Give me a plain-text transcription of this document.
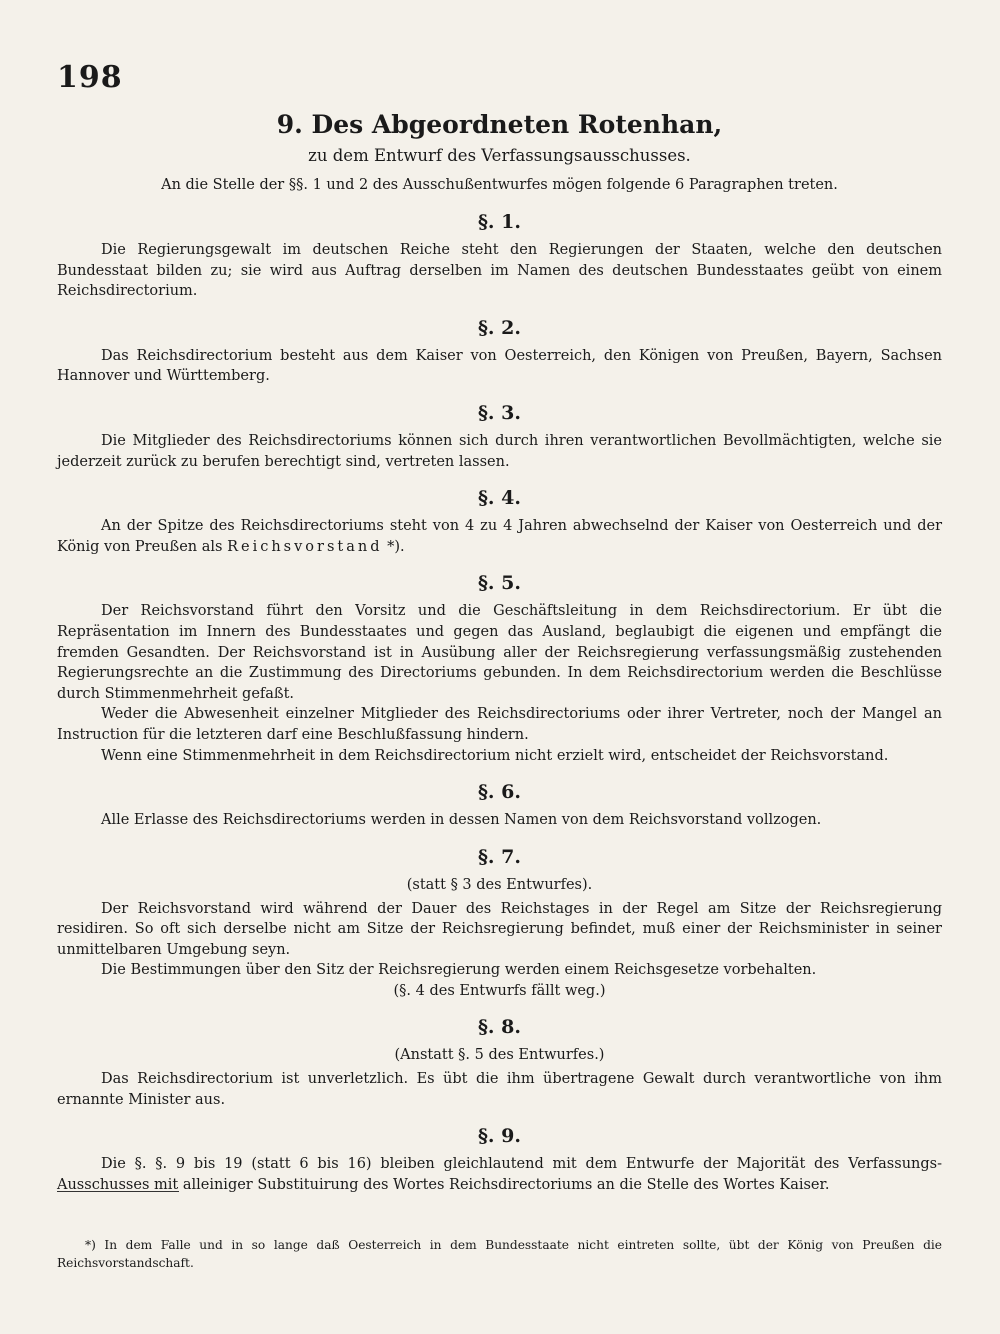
198
9. Des Abgeordneten Rotenhan,

zu dem Entwurf des Verfassungsausschusses.

An die Stelle der §§. 1 und 2 des Ausschußentwurfes mögen folgende 6 Paragraphen treten.

§. 1.

Die Regierungsgewalt im deutschen Reiche steht den Regierungen der Staaten, welche den deutschen Bundesstaat bilden zu; sie wird aus Auftrag derselben im Namen des deutschen Bundesstaates geübt von einem Reichsdirectorium.

§. 2.

Das Reichsdirectorium besteht aus dem Kaiser von Oesterreich, den Königen von Preußen, Bayern, Sachsen Hannover und Württemberg.

§. 3.

Die Mitglieder des Reichsdirectoriums können sich durch ihren verantwortlichen Bevollmächtigten, welche sie jederzeit zurück zu berufen berechtigt sind, vertreten lassen.

§. 4.

An der Spitze des Reichsdirectoriums steht von 4 zu 4 Jahren abwechselnd der Kaiser von Oesterreich und der König von Preußen als Reichsvorstand *).

§. 5.

Der Reichsvorstand führt den Vorsitz und die Geschäftsleitung in dem Reichsdirectorium. Er übt die Repräsentation im Innern des Bundesstaates und gegen das Ausland, beglaubigt die eigenen und empfängt die fremden Gesandten. Der Reichsvorstand ist in Ausübung aller der Reichsregierung verfassungsmäßig zustehenden Regierungsrechte an die Zustimmung des Directoriums gebunden. In dem Reichsdirectorium werden die Beschlüsse durch Stimmenmehrheit gefaßt.

Weder die Abwesenheit einzelner Mitglieder des Reichsdirectoriums oder ihrer Vertreter, noch der Mangel an Instruction für die letzteren darf eine Beschlußfassung hindern.

Wenn eine Stimmenmehrheit in dem Reichsdirectorium nicht erzielt wird, entscheidet der Reichsvorstand.

§. 6.

Alle Erlasse des Reichsdirectoriums werden in dessen Namen von dem Reichsvorstand vollzogen.

§. 7.

(statt § 3 des Entwurfes).

Der Reichsvorstand wird während der Dauer des Reichstages in der Regel am Sitze der Reichsregierung residiren. So oft sich derselbe nicht am Sitze der Reichsregierung befindet, muß einer der Reichsminister in seiner unmittelbaren Umgebung seyn.

Die Bestimmungen über den Sitz der Reichsregierung werden einem Reichsgesetze vorbehalten.

(§. 4 des Entwurfs fällt weg.)

§. 8.

(Anstatt §. 5 des Entwurfes.)

Das Reichsdirectorium ist unverletzlich. Es übt die ihm übertragene Gewalt durch verantwortliche von ihm ernannte Minister aus.

§. 9.

Die §. §. 9 bis 19 (statt 6 bis 16) bleiben gleichlautend mit dem Entwurfe der Majorität des Verfassungs-Ausschusses mit alleiniger Substituirung des Wortes Reichsdirectoriums an die Stelle des Wortes Kaiser.

*) In dem Falle und in so lange daß Oesterreich in dem Bundesstaate nicht eintreten sollte, übt der König von Preußen die Reichsvorstandschaft.
